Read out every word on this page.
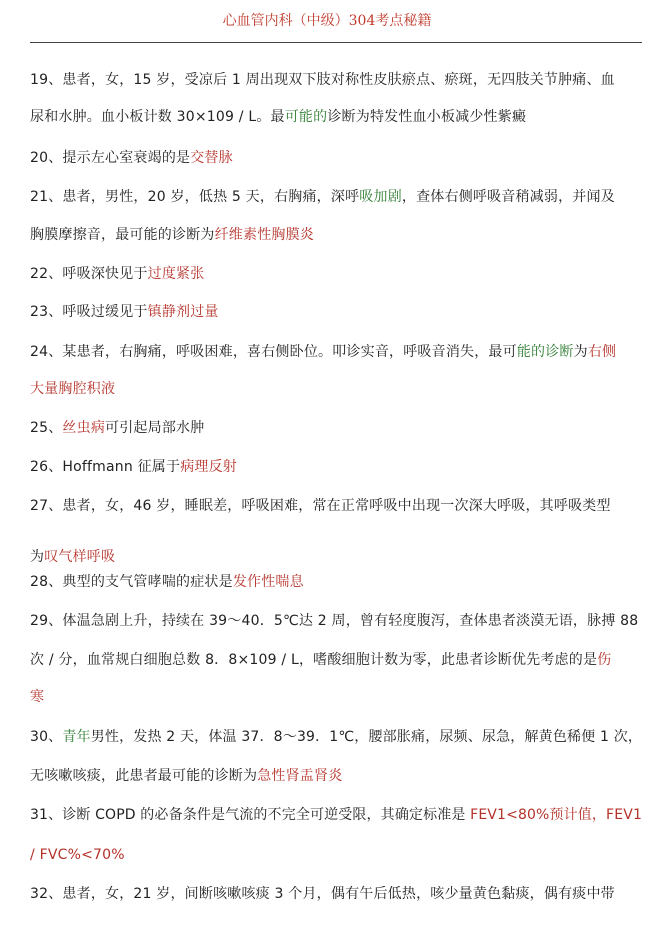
心血管内科（中级）304考点秘籍
19、患者，女，15 岁，受凉后 1 周出现双下肢对称性皮肤瘀点、瘀斑，无四肢关节肿痛、血
尿和水肿。血小板计数 30×109 / L。最可能的诊断为特发性血小板减少性紫癜
20、提示左心室衰竭的是交替脉
21、患者，男性，20 岁，低热 5 天，右胸痛，深呼吸加剧，查体右侧呼吸音稍减弱，并闻及
胸膜摩擦音，最可能的诊断为纤维素性胸膜炎
22、呼吸深快见于过度紧张
23、呼吸过缓见于镇静剂过量
24、某患者，右胸痛，呼吸困难，喜右侧卧位。叩诊实音，呼吸音消失，最可能的诊断为右侧
大量胸腔积液
25、丝虫病可引起局部水肿
26、Hoffmann 征属于病理反射
27、患者，女，46 岁，睡眠差，呼吸困难，常在正常呼吸中出现一次深大呼吸，其呼吸类型
为叹气样呼吸
28、典型的支气管哮喘的症状是发作性喘息
29、体温急剧上升，持续在 39～40．5℃达 2 周，曾有轻度腹泻，查体患者淡漠无语，脉搏 88
次 / 分，血常规白细胞总数 8．8×109 / L，嗜酸细胞计数为零，此患者诊断优先考虑的是伤
寒
30、青年男性，发热 2 天，体温 37．8～39．1℃，腰部胀痛，尿频、尿急，解黄色稀便 1 次，
无咳嗽咳痰，此患者最可能的诊断为急性肾盂肾炎
31、诊断 COPD 的必备条件是气流的不完全可逆受限，其确定标准是 FEV1<80%预计值，FEV1
/ FVC%<70%
32、患者，女，21 岁，间断咳嗽咳痰 3 个月，偶有午后低热，咳少量黄色黏痰，偶有痰中带
